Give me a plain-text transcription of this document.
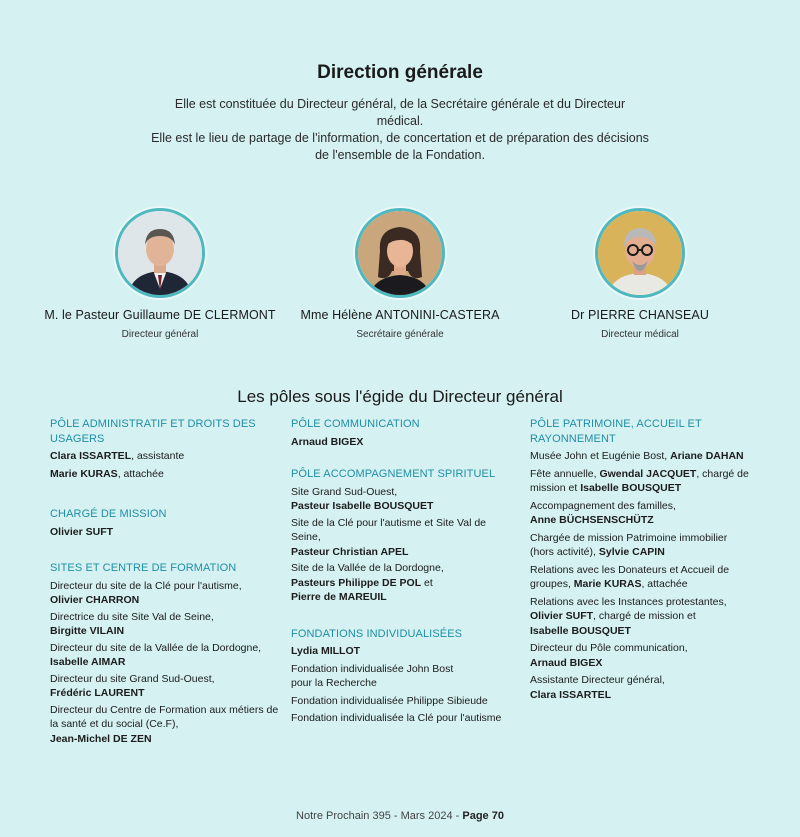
Direction générale
Elle est constituée du Directeur général, de la Secrétaire générale et du Directeur médical.
Elle est le lieu de partage de l'information, de concertation et de préparation des décisions
de l'ensemble de la Fondation.
M. le Pasteur Guillaume DE CLERMONT
Directeur général
Mme Hélène ANTONINI-CASTERA
Secrétaire générale
Dr PIERRE CHANSEAU
Directeur médical
Les pôles sous l'égide du Directeur général
PÔLE ADMINISTRATIF ET DROITS DES USAGERS
Clara ISSARTEL, assistante
Marie KURAS, attachée
CHARGÉ DE MISSION
Olivier SUFT
SITES ET CENTRE DE FORMATION
Directeur du site de la Clé pour l'autisme,
Olivier CHARRON
Directrice du site Site Val de Seine,
Birgitte VILAIN
Directeur du site de la Vallée de la Dordogne,
Isabelle AIMAR
Directeur du site Grand Sud-Ouest,
Frédéric LAURENT
Directeur du Centre de Formation aux métiers de
la santé et du social (Ce.F),
Jean-Michel DE ZEN
PÔLE COMMUNICATION
Arnaud BIGEX
PÔLE ACCOMPAGNEMENT SPIRITUEL
Site Grand Sud-Ouest,
Pasteur Isabelle BOUSQUET
Site de la Clé pour l'autisme et Site Val de Seine,
Pasteur Christian APEL
Site de la Vallée de la Dordogne,
Pasteurs Philippe DE POL et
Pierre de MAREUIL
FONDATIONS INDIVIDUALISÉES
Lydia MILLOT
Fondation individualisée John Bost
pour la Recherche
Fondation individualisée Philippe Sibieude
Fondation individualisée la Clé pour l'autisme
PÔLE PATRIMOINE, ACCUEIL ET RAYONNEMENT
Musée John et Eugénie Bost, Ariane DAHAN
Fête annuelle, Gwendal JACQUET, chargé de
mission et Isabelle BOUSQUET
Accompagnement des familles,
Anne BÜCHSENSCHÜTZ
Chargée de mission Patrimoine immobilier
(hors activité), Sylvie CAPIN
Relations avec les Donateurs et Accueil de
groupes, Marie KURAS, attachée
Relations avec les Instances protestantes,
Olivier SUFT, chargé de mission et
Isabelle BOUSQUET
Directeur du Pôle communication,
Arnaud BIGEX
Assistante Directeur général,
Clara ISSARTEL
Notre Prochain 395 - Mars 2024 - Page 70
